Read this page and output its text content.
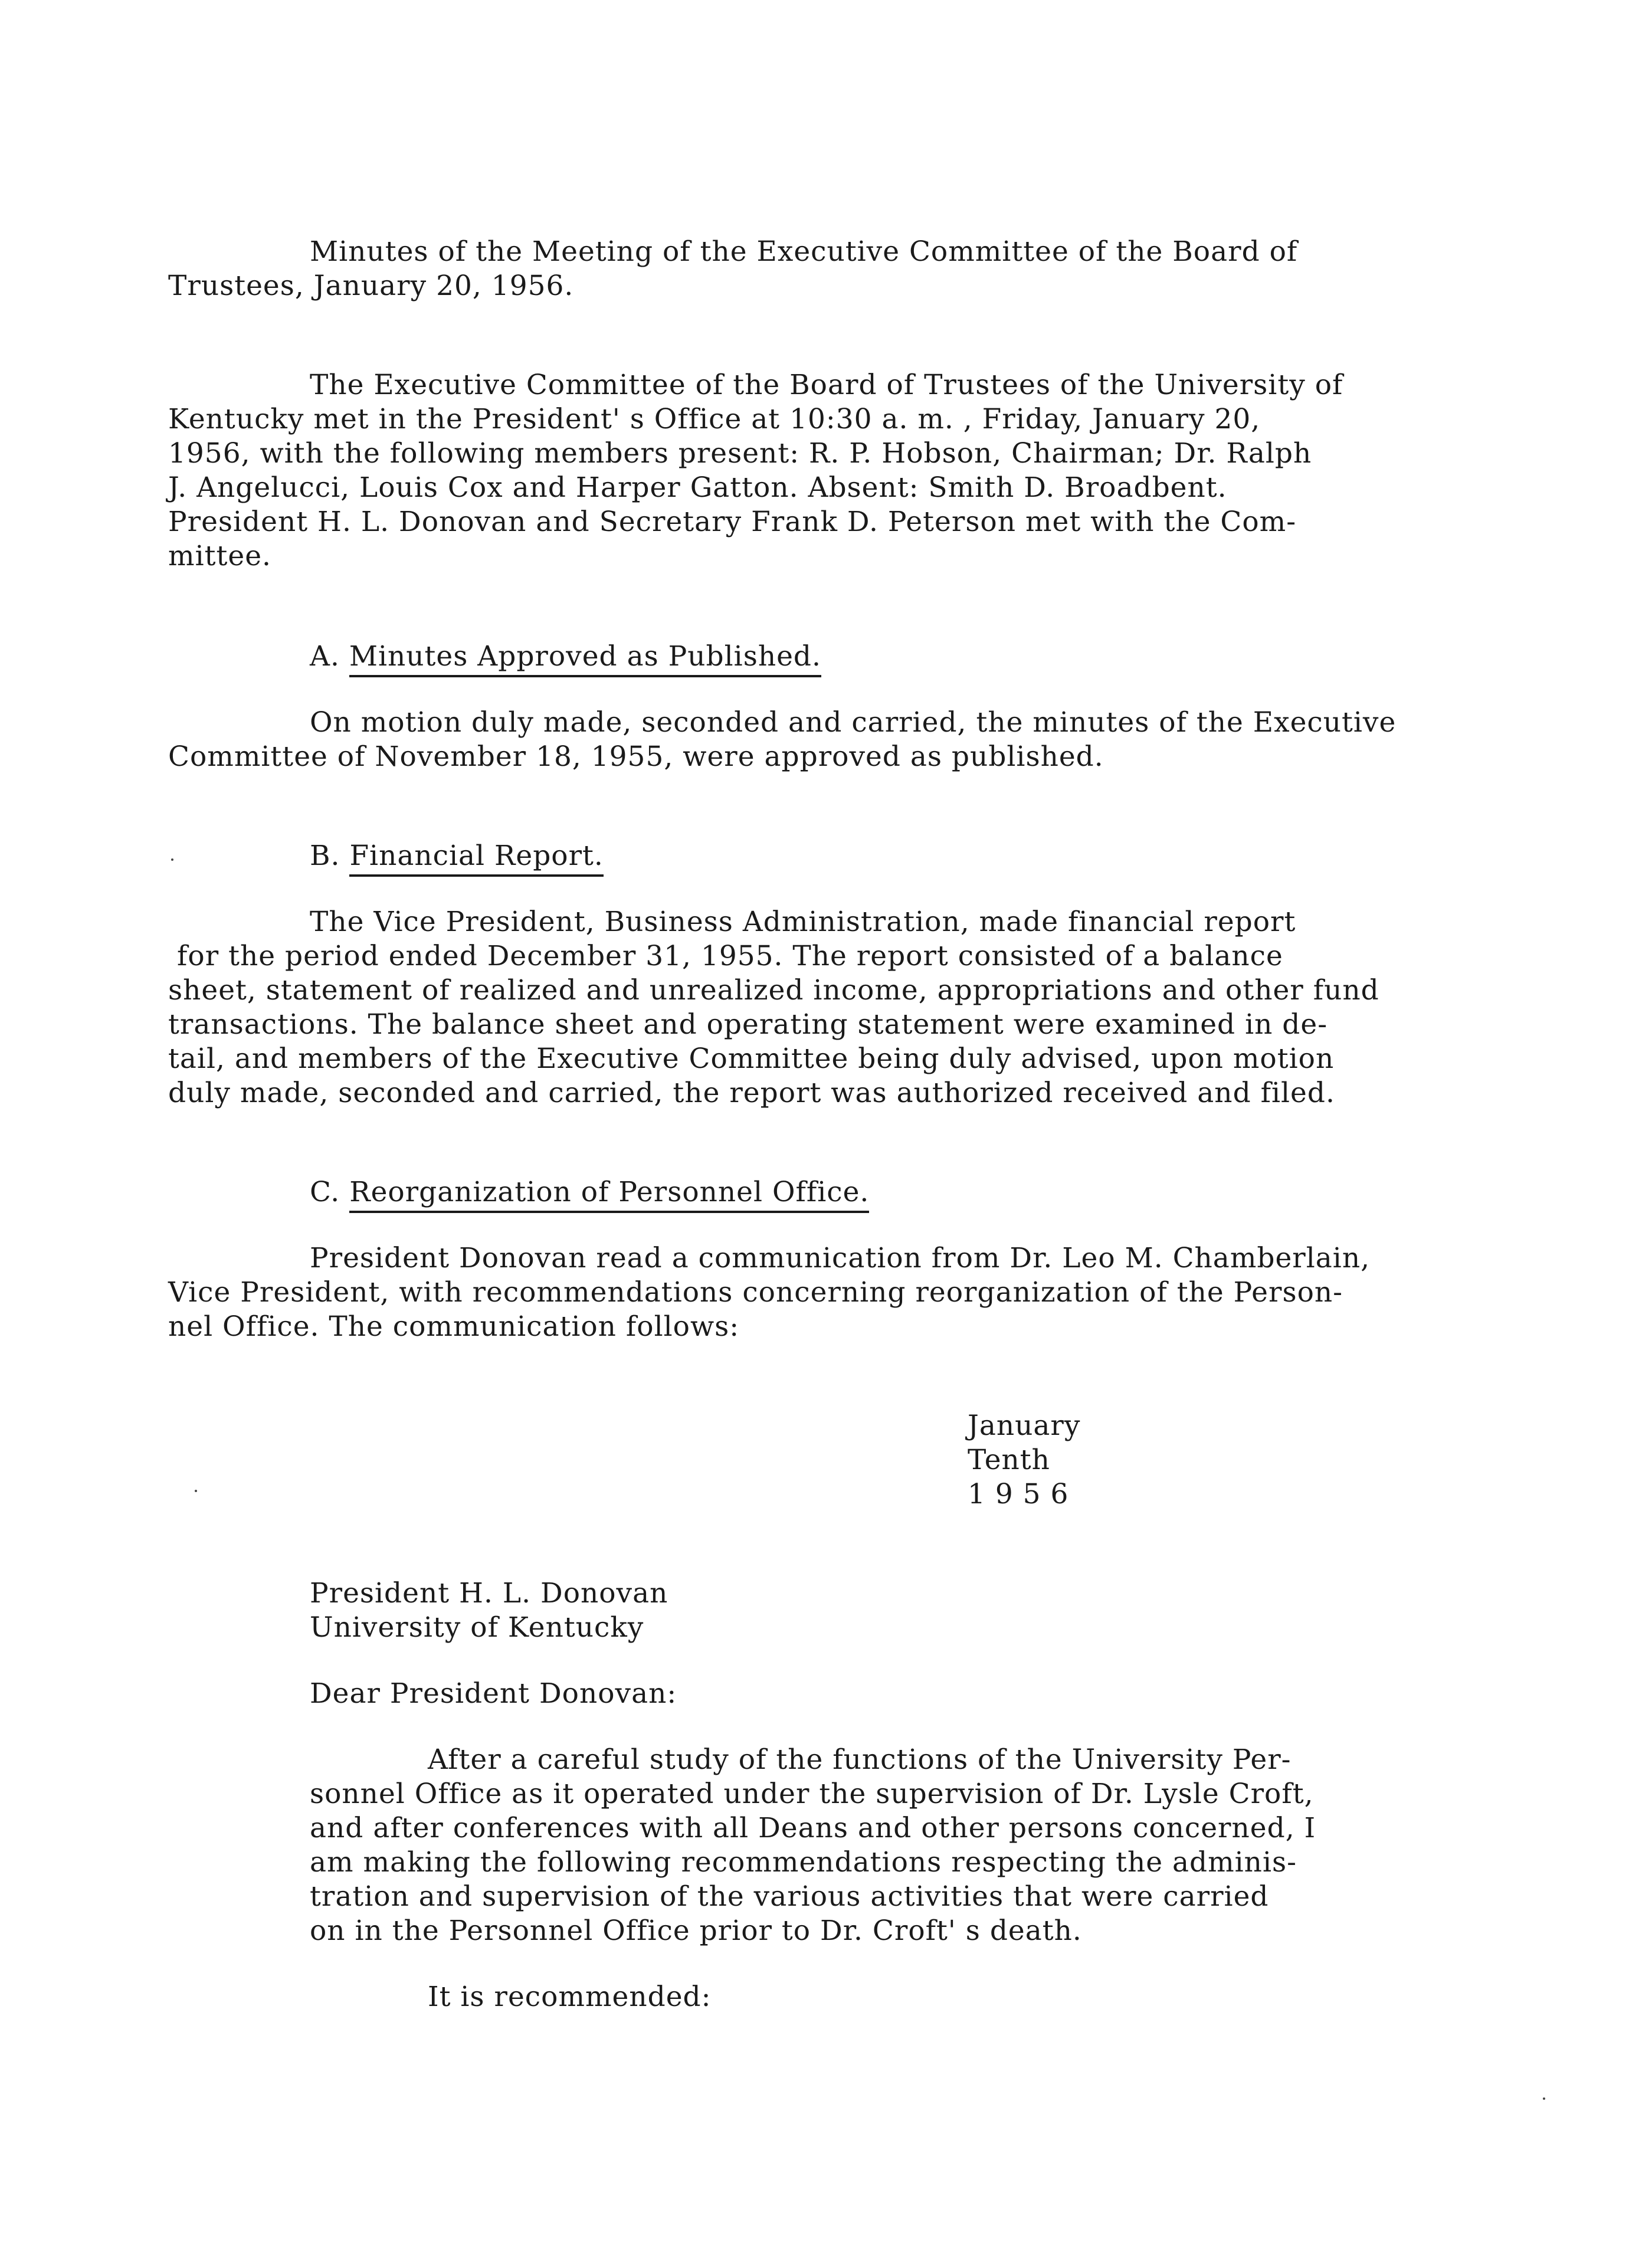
Minutes of the Meeting of the Executive Committee of the Board of
Trustees, January 20, 1956.
The Executive Committee of the Board of Trustees of the University of
Kentucky met in the President' s Office at 10:30 a. m. , Friday, January 20,
1956, with the following members present: R. P. Hobson, Chairman; Dr. Ralph
J. Angelucci, Louis Cox and Harper Gatton. Absent: Smith D. Broadbent.
President H. L. Donovan and Secretary Frank D. Peterson met with the Com-
mittee.
A. Minutes Approved as Published.
On motion duly made, seconded and carried, the minutes of the Executive
Committee of November 18, 1955, were approved as published.
B. Financial Report.
The Vice President, Business Administration, made financial report
for the period ended December 31, 1955. The report consisted of a balance
sheet, statement of realized and unrealized income, appropriations and other fund
transactions. The balance sheet and operating statement were examined in de-
tail, and members of the Executive Committee being duly advised, upon motion
duly made, seconded and carried, the report was authorized received and filed.
C. Reorganization of Personnel Office.
President Donovan read a communication from Dr. Leo M. Chamberlain,
Vice President, with recommendations concerning reorganization of the Person-
nel Office. The communication follows:
January
Tenth
1 9 5 6
President H. L. Donovan
University of Kentucky
Dear President Donovan:
After a careful study of the functions of the University Per-
sonnel Office as it operated under the supervision of Dr. Lysle Croft,
and after conferences with all Deans and other persons concerned, I
am making the following recommendations respecting the adminis-
tration and supervision of the various activities that were carried
on in the Personnel Office prior to Dr. Croft' s death.
It is recommended:
